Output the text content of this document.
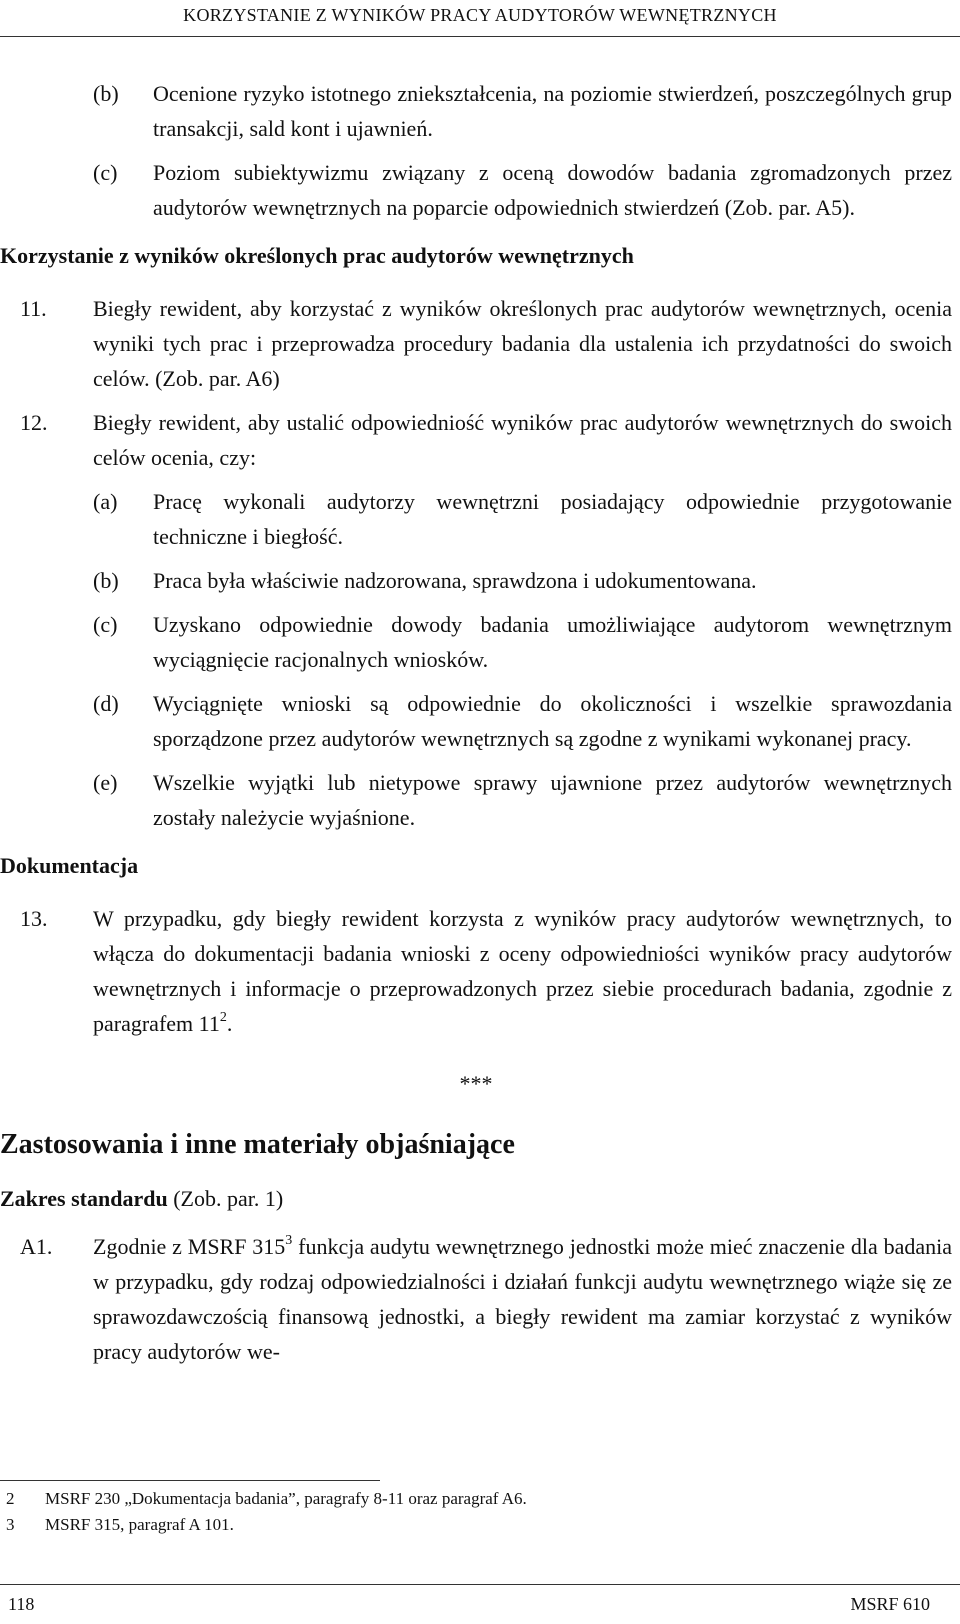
KORZYSTANIE Z WYNIKÓW PRACY AUDYTORÓW WEWNĘTRZNYCH
(b)	Ocenione ryzyko istotnego zniekształcenia, na poziomie stwierdzeń, poszczególnych grup transakcji, sald kont i ujawnień.
(c)	Poziom subiektywizmu związany z oceną dowodów badania zgromadzonych przez audytorów wewnętrznych na poparcie odpowiednich stwierdzeń (Zob. par. A5).
Korzystanie z wyników określonych prac audytorów wewnętrznych
11.	Biegły rewident, aby korzystać z wyników określonych prac audytorów wewnętrznych, ocenia wyniki tych prac i przeprowadza procedury badania dla ustalenia ich przydatności do swoich celów. (Zob. par. A6)
12.	Biegły rewident, aby ustalić odpowiedniość wyników prac audytorów wewnętrznych do swoich celów ocenia, czy:
(a)	Pracę wykonali audytorzy wewnętrzni posiadający odpowiednie przygotowanie techniczne i biegłość.
(b)	Praca była właściwie nadzorowana, sprawdzona i udokumentowana.
(c)	Uzyskano odpowiednie dowody badania umożliwiające audytorom wewnętrznym wyciągnięcie racjonalnych wniosków.
(d)	Wyciągnięte wnioski są odpowiednie do okoliczności i wszelkie sprawozdania sporządzone przez audytorów wewnętrznych są zgodne z wynikami wykonanej pracy.
(e)	Wszelkie wyjątki lub nietypowe sprawy ujawnione przez audytorów wewnętrznych zostały należycie wyjaśnione.
Dokumentacja
13.	W przypadku, gdy biegły rewident korzysta z wyników pracy audytorów wewnętrznych, to włącza do dokumentacji badania wnioski z oceny odpowiedniości wyników pracy audytorów wewnętrznych i informacje o przeprowadzonych przez siebie procedurach badania, zgodnie z paragrafem $11^2$.
***
Zastosowania i inne materiały objaśniające
Zakres standardu (Zob. par. 1)
A1.	Zgodnie z MSRF $315^3$ funkcja audytu wewnętrznego jednostki może mieć znaczenie dla badania w przypadku, gdy rodzaj odpowiedzialności i działań funkcji audytu wewnętrznego wiąże się ze sprawozdawczością finansową jednostki, a biegły rewident ma zamiar korzystać z wyników pracy audytorów we-
2	MSRF 230 „Dokumentacja badania”, paragrafy 8-11 oraz paragraf A6.
3	MSRF 315, paragraf A 101.
118	MSRF 610
